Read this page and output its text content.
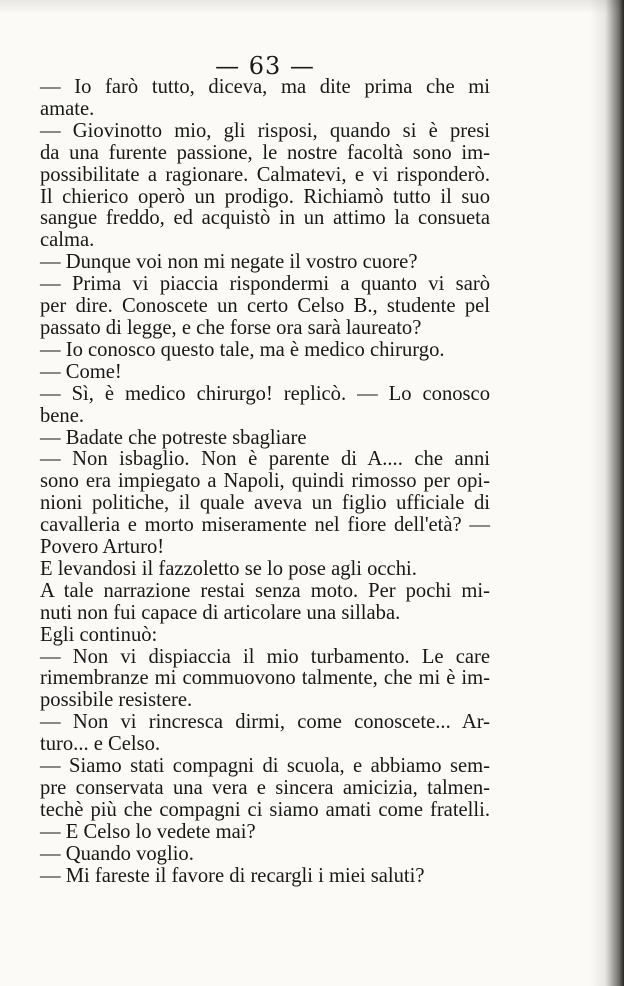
— 63 —
— Io farò tutto, diceva, ma dite prima che mi
amate.
— Giovinotto mio, gli risposi, quando si è presi
da una furente passione, le nostre facoltà sono im-
possibilitate a ragionare. Calmatevi, e vi risponderò.
Il chierico operò un prodigo. Richiamò tutto il suo
sangue freddo, ed acquistò in un attimo la consueta
calma.
— Dunque voi non mi negate il vostro cuore?
— Prima vi piaccia rispondermi a quanto vi sarò
per dire. Conoscete un certo Celso B., studente pel
passato di legge, e che forse ora sarà laureato?
— Io conosco questo tale, ma è medico chirurgo.
— Come!
— Sì, è medico chirurgo! replicò. — Lo conosco
bene.
— Badate che potreste sbagliare
— Non isbaglio. Non è parente di A.... che anni
sono era impiegato a Napoli, quindi rimosso per opi-
nioni politiche, il quale aveva un figlio ufficiale di
cavalleria e morto miseramente nel fiore dell'età? —
Povero Arturo!
E levandosi il fazzoletto se lo pose agli occhi.
A tale narrazione restai senza moto. Per pochi mi-
nuti non fui capace di articolare una sillaba.
Egli continuò:
— Non vi dispiaccia il mio turbamento. Le care
rimembranze mi commuovono talmente, che mi è im-
possibile resistere.
— Non vi rincresca dirmi, come conoscete... Ar-
turo... e Celso.
— Siamo stati compagni di scuola, e abbiamo sem-
pre conservata una vera e sincera amicizia, talmen-
techè più che compagni ci siamo amati come fratelli.
— E Celso lo vedete mai?
— Quando voglio.
— Mi fareste il favore di recargli i miei saluti?
